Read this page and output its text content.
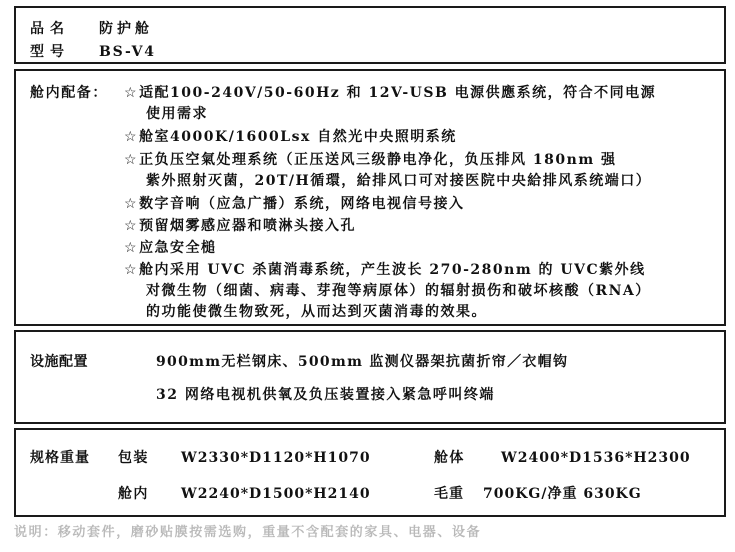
品名 防护舱
型号 BS-V4
舱内配备： ☆适配100-240V/50-60Hz 和 12V-USB 电源供應系统，符合不同电源
使用需求
☆舱室4000K/1600Lsx 自然光中央照明系统
☆正负压空氣处理系统（正压送风三级静电净化，负压排风 180nm 强
紫外照射灭菌，20T/H循環，給排风口可对接医院中央給排风系统端口）
☆数字音响（应急广播）系统，网络电视信号接入
☆预留烟雾感应器和喷淋头接入孔
☆应急安全槌
☆舱内采用 UVC 杀菌消毒系统，产生波长 270-280nm 的 UVC紫外线
对微生物（细菌、病毒、芽孢等病原体）的辐射损伤和破坏核酸（RNA）
的功能使微生物致死，从而达到灭菌消毒的效果。
设施配置	900mm无栏钢床、500mm 监测仪器架抗菌折帘／衣帽钩
32 网络电视机供氧及负压装置接入紧急呼叫终端
规格重量 包装 W2330*D1120*H1070	舱体	W2400*D1536*H2300
舱内 W2240*D1500*H2140	毛重 700KG/净重 630KG
说明：移动套件，磨砂贴膜按需选购，重量不含配套的家具、电器、设备
